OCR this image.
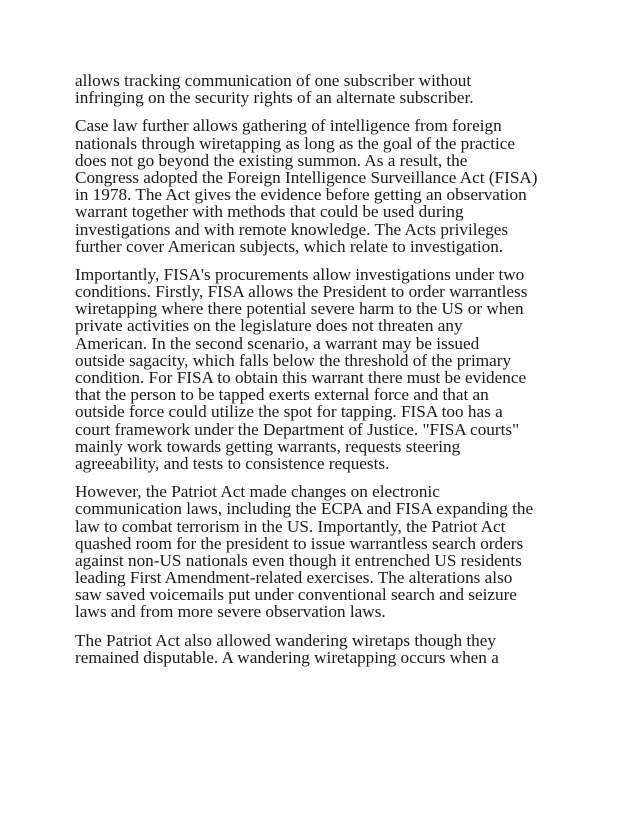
allows tracking communication of one subscriber without
infringing on the security rights of an alternate subscriber.

Case law further allows gathering of intelligence from foreign
nationals through wiretapping as long as the goal of the practice
does not go beyond the existing summon. As a result, the
Congress adopted the Foreign Intelligence Surveillance Act (FISA)
in 1978. The Act gives the evidence before getting an observation
warrant together with methods that could be used during
investigations and with remote knowledge. The Acts privileges
further cover American subjects, which relate to investigation.

Importantly, FISA's procurements allow investigations under two
conditions. Firstly, FISA allows the President to order warrantless
wiretapping where there potential severe harm to the US or when
private activities on the legislature does not threaten any
American. In the second scenario, a warrant may be issued
outside sagacity, which falls below the threshold of the primary
condition. For FISA to obtain this warrant there must be evidence
that the person to be tapped exerts external force and that an
outside force could utilize the spot for tapping. FISA too has a
court framework under the Department of Justice. "FISA courts"
mainly work towards getting warrants, requests steering
agreeability, and tests to consistence requests.

However, the Patriot Act made changes on electronic
communication laws, including the ECPA and FISA expanding the
law to combat terrorism in the US. Importantly, the Patriot Act
quashed room for the president to issue warrantless search orders
against non-US nationals even though it entrenched US residents
leading First Amendment-related exercises. The alterations also
saw saved voicemails put under conventional search and seizure
laws and from more severe observation laws.

The Patriot Act also allowed wandering wiretaps though they
remained disputable. A wandering wiretapping occurs when a
